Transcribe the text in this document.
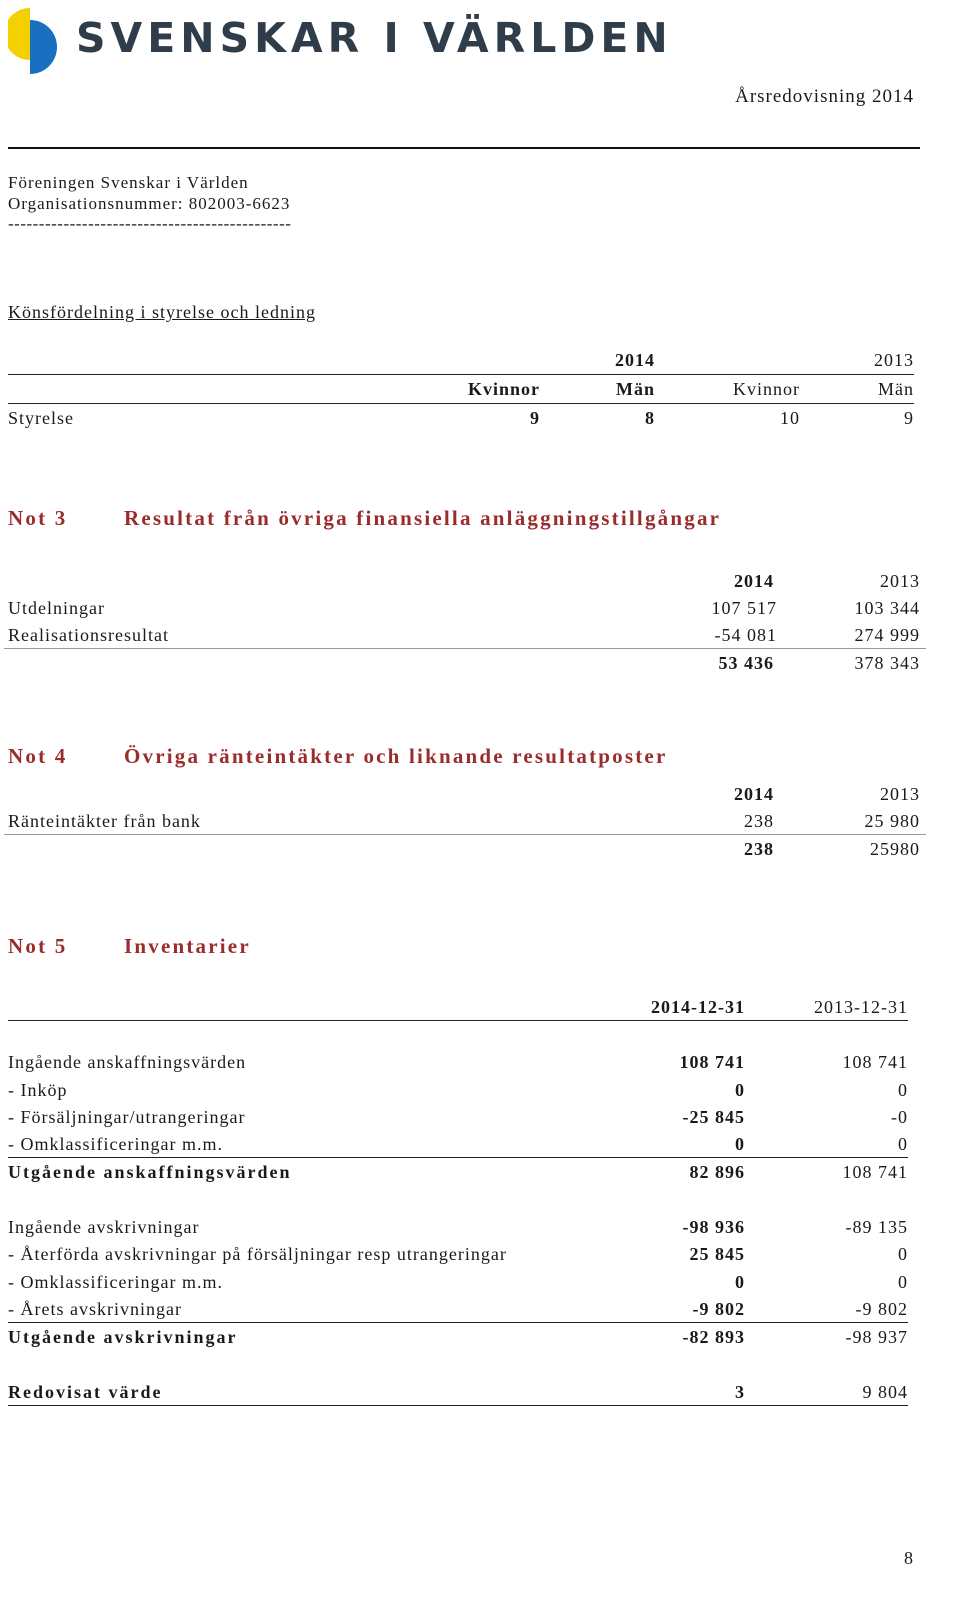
SVENSKAR I VÄRLDEN
Årsredovisning 2014
Föreningen Svenskar i Världen
Organisationsnummer: 802003-6623
----------------------------------------------
Könsfördelning i styrelse och ledning
2014	2013
Kvinnor	Män	Kvinnor	Män
Styrelse	9	8	10	9
Not 3	Resultat från övriga finansiella anläggningstillgångar
2014	2013
Utdelningar	107 517	103 344
Realisationsresultat	-54 081	274 999
53 436	378 343
Not 4	Övriga ränteintäkter och liknande resultatposter
2014	2013
Ränteintäkter från bank	238	25 980
238	25980
Not 5	Inventarier
2014-12-31	2013-12-31
Ingående anskaffningsvärden	108 741	108 741
- Inköp	0	0
- Försäljningar/utrangeringar	-25 845	-0
- Omklassificeringar m.m.	0	0
Utgående anskaffningsvärden	82 896	108 741
Ingående avskrivningar	-98 936	-89 135
- Återförda avskrivningar på försäljningar resp utrangeringar	25 845	0
- Omklassificeringar m.m.	0	0
- Årets avskrivningar	-9 802	-9 802
Utgående avskrivningar	-82 893	-98 937
Redovisat värde	3	9 804
8
